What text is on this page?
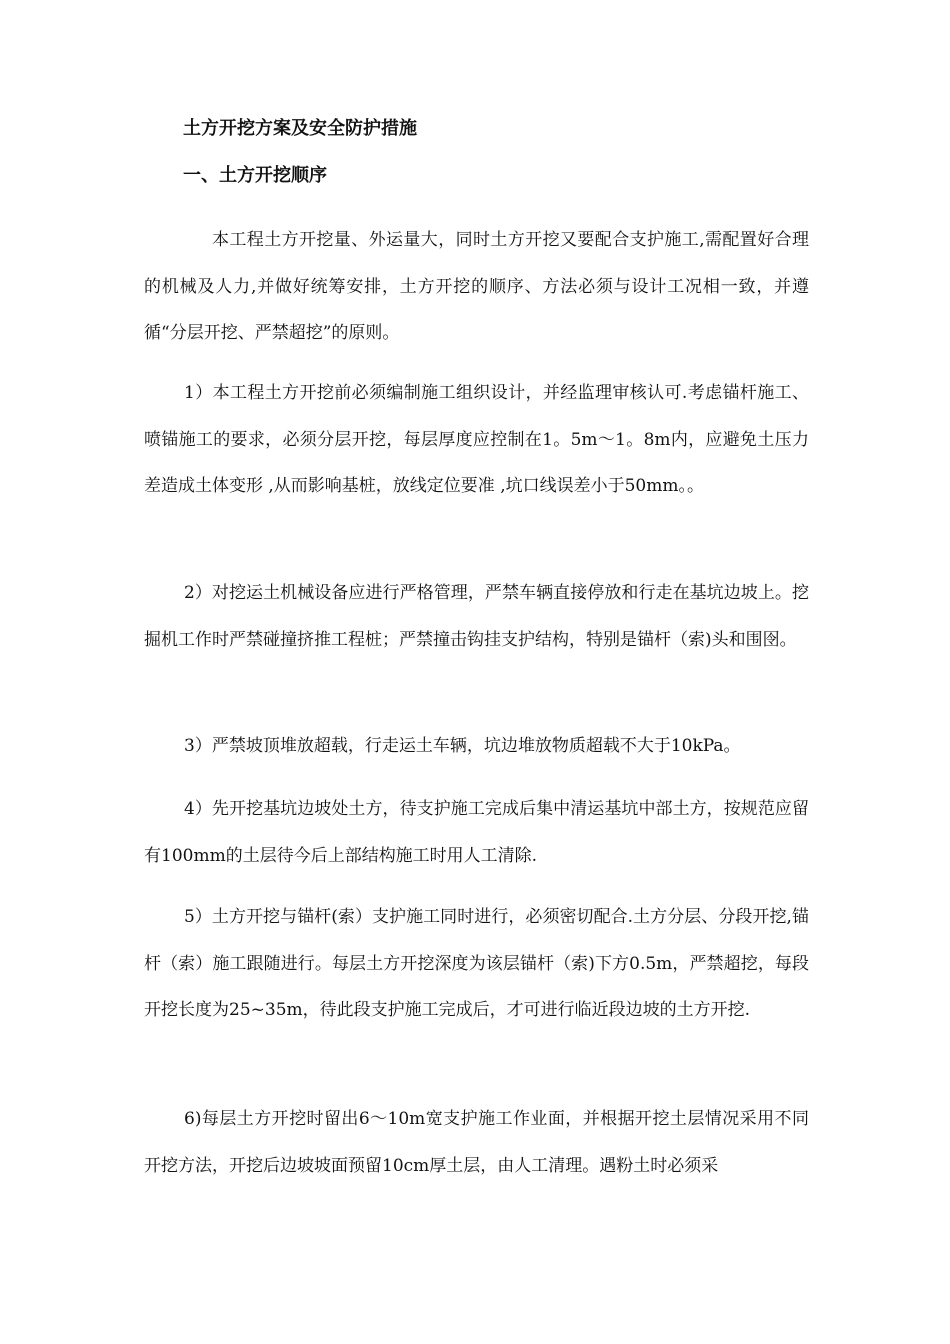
土方开挖方案及安全防护措施
一、土方开挖顺序

本工程土方开挖量、外运量大，同时土方开挖又要配合支护施工,需配置好合理的机械及人力,并做好统筹安排，土方开挖的顺序、方法必须与设计工况相一致，并遵循“分层开挖、严禁超挖”的原则。

1）本工程土方开挖前必须编制施工组织设计，并经监理审核认可.考虑锚杆施工、喷锚施工的要求，必须分层开挖，每层厚度应控制在1。5m～1。8m内，应避免土压力差造成土体变形 ,从而影响基桩，放线定位要准 ,坑口线误差小于50mm。。

2）对挖运土机械设备应进行严格管理，严禁车辆直接停放和行走在基坑边坡上。挖掘机工作时严禁碰撞挤推工程桩；严禁撞击钩挂支护结构，特别是锚杆（索)头和围囹。

3）严禁坡顶堆放超载，行走运土车辆，坑边堆放物质超载不大于10kPa。

4）先开挖基坑边坡处土方，待支护施工完成后集中清运基坑中部土方，按规范应留有100mm的土层待今后上部结构施工时用人工清除.

5）土方开挖与锚杆(索）支护施工同时进行，必须密切配合.土方分层、分段开挖,锚杆（索）施工跟随进行。每层土方开挖深度为该层锚杆（索)下方0.5m，严禁超挖，每段开挖长度为25~35m，待此段支护施工完成后，才可进行临近段边坡的土方开挖.

6)每层土方开挖时留出6～10m宽支护施工作业面，并根据开挖土层情况采用不同开挖方法，开挖后边坡坡面预留10cm厚土层，由人工清理。遇粉土时必须采
